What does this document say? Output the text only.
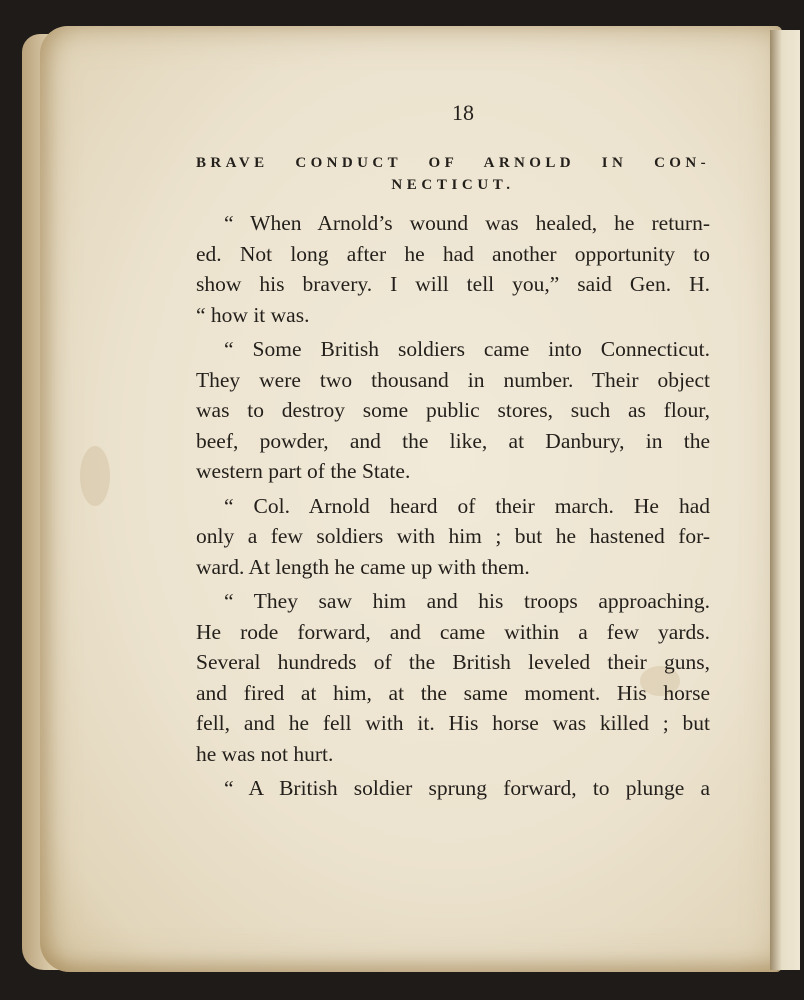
18
BRAVE CONDUCT OF ARNOLD IN CON-
NECTICUT.

“ When Arnold’s wound was healed, he return-
ed. Not long after he had another opportunity to
show his bravery. I will tell you,” said Gen. H.
“ how it was.

“ Some British soldiers came into Connecticut.
They were two thousand in number. Their object
was to destroy some public stores, such as flour,
beef, powder, and the like, at Danbury, in the
western part of the State.

“ Col. Arnold heard of their march. He had
only a few soldiers with him ; but he hastened for-
ward. At length he came up with them.

“ They saw him and his troops approaching.
He rode forward, and came within a few yards.
Several hundreds of the British leveled their guns,
and fired at him, at the same moment. His horse
fell, and he fell with it. His horse was killed ; but
he was not hurt.

“ A British soldier sprung forward, to plunge a
